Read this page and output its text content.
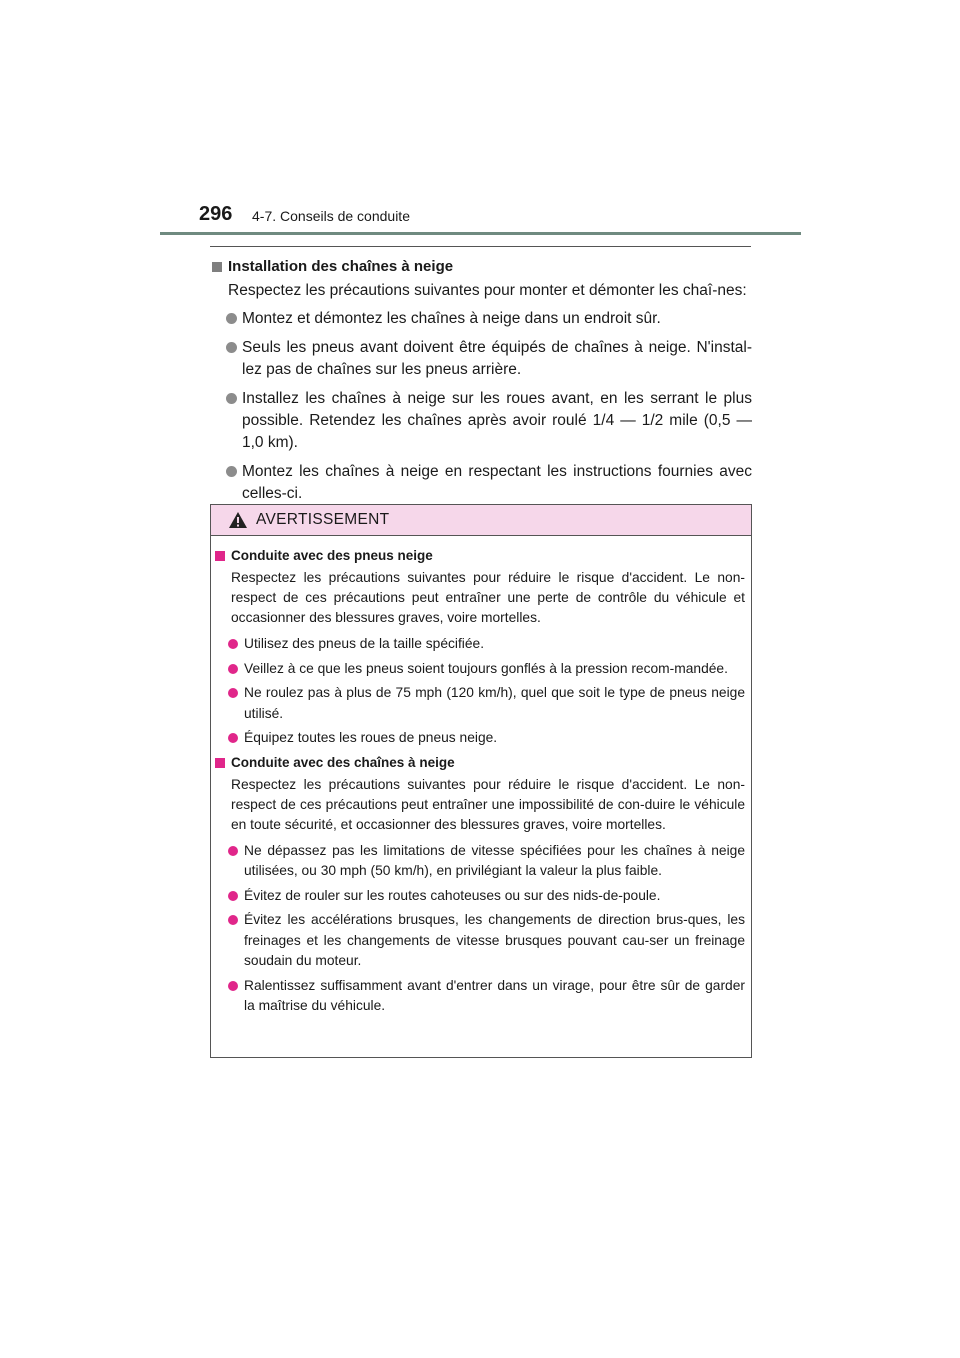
296 4-7. Conseils de conduite
Installation des chaînes à neige
Respectez les précautions suivantes pour monter et démonter les chaî-nes:
Montez et démontez les chaînes à neige dans un endroit sûr.
Seuls les pneus avant doivent être équipés de chaînes à neige. N'instal-lez pas de chaînes sur les pneus arrière.
Installez les chaînes à neige sur les roues avant, en les serrant le plus possible. Retendez les chaînes après avoir roulé 1/4 — 1/2 mile (0,5 — 1,0 km).
Montez les chaînes à neige en respectant les instructions fournies avec celles-ci.
AVERTISSEMENT
Conduite avec des pneus neige
Respectez les précautions suivantes pour réduire le risque d'accident. Le non-respect de ces précautions peut entraîner une perte de contrôle du véhicule et occasionner des blessures graves, voire mortelles.
Utilisez des pneus de la taille spécifiée.
Veillez à ce que les pneus soient toujours gonflés à la pression recom-mandée.
Ne roulez pas à plus de 75 mph (120 km/h), quel que soit le type de pneus neige utilisé.
Équipez toutes les roues de pneus neige.
Conduite avec des chaînes à neige
Respectez les précautions suivantes pour réduire le risque d'accident. Le non-respect de ces précautions peut entraîner une impossibilité de con-duire le véhicule en toute sécurité, et occasionner des blessures graves, voire mortelles.
Ne dépassez pas les limitations de vitesse spécifiées pour les chaînes à neige utilisées, ou 30 mph (50 km/h), en privilégiant la valeur la plus faible.
Évitez de rouler sur les routes cahoteuses ou sur des nids-de-poule.
Évitez les accélérations brusques, les changements de direction brus-ques, les freinages et les changements de vitesse brusques pouvant cau-ser un freinage soudain du moteur.
Ralentissez suffisamment avant d'entrer dans un virage, pour être sûr de garder la maîtrise du véhicule.
